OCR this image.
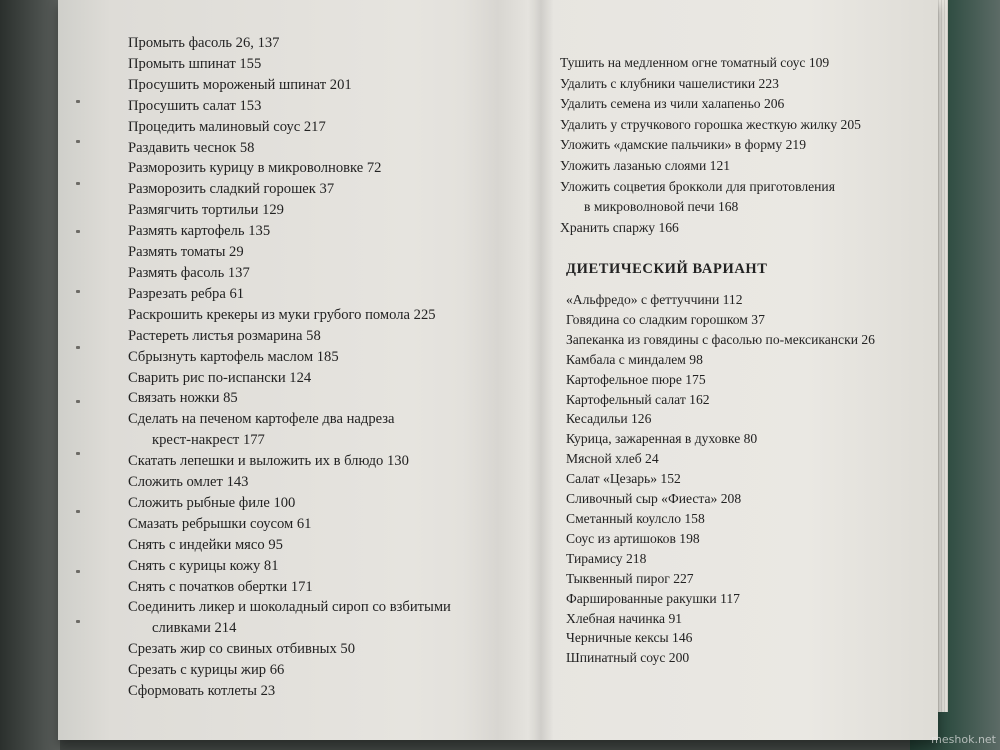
Промыть фасоль 26, 137
Промыть шпинат 155
Просушить мороженый шпинат 201
Просушить салат 153
Процедить малиновый соус 217
Раздавить чеснок 58
Разморозить курицу в микроволновке 72
Разморозить сладкий горошек 37
Размягчить тортильи 129
Размять картофель 135
Размять томаты 29
Размять фасоль 137
Разрезать ребра 61
Раскрошить крекеры из муки грубого помола 225
Растереть листья розмарина 58
Сбрызнуть картофель маслом 185
Сварить рис по-испански 124
Связать ножки 85
Сделать на печеном картофеле два надреза
крест-накрест 177
Скатать лепешки и выложить их в блюдо 130
Сложить омлет 143
Сложить рыбные филе 100
Смазать ребрышки соусом 61
Снять с индейки мясо 95
Снять с курицы кожу 81
Снять с початков обертки 171
Соединить ликер и шоколадный сироп со взбитыми
сливками 214
Срезать жир со свиных отбивных 50
Срезать с курицы жир 66
Сформовать котлеты 23
Тушить на медленном огне томатный соус 109
Удалить с клубники чашелистики 223
Удалить семена из чили халапеньо 206
Удалить у стручкового горошка жесткую жилку 205
Уложить «дамские пальчики» в форму 219
Уложить лазанью слоями 121
Уложить соцветия брокколи для приготовления
в микроволновой печи 168
Хранить спаржу 166
ДИЕТИЧЕСКИЙ ВАРИАНТ
«Альфредо» с феттуччини 112
Говядина со сладким горошком 37
Запеканка из говядины с фасолью по-мексикански 26
Камбала с миндалем 98
Картофельное пюре 175
Картофельный салат 162
Кесадильи 126
Курица, зажаренная в духовке 80
Мясной хлеб 24
Салат «Цезарь» 152
Сливочный сыр «Фиеста» 208
Сметанный коулсло 158
Соус из артишоков 198
Тирамису 218
Тыквенный пирог 227
Фаршированные ракушки 117
Хлебная начинка 91
Черничные кексы 146
Шпинатный соус 200
meshok.net
